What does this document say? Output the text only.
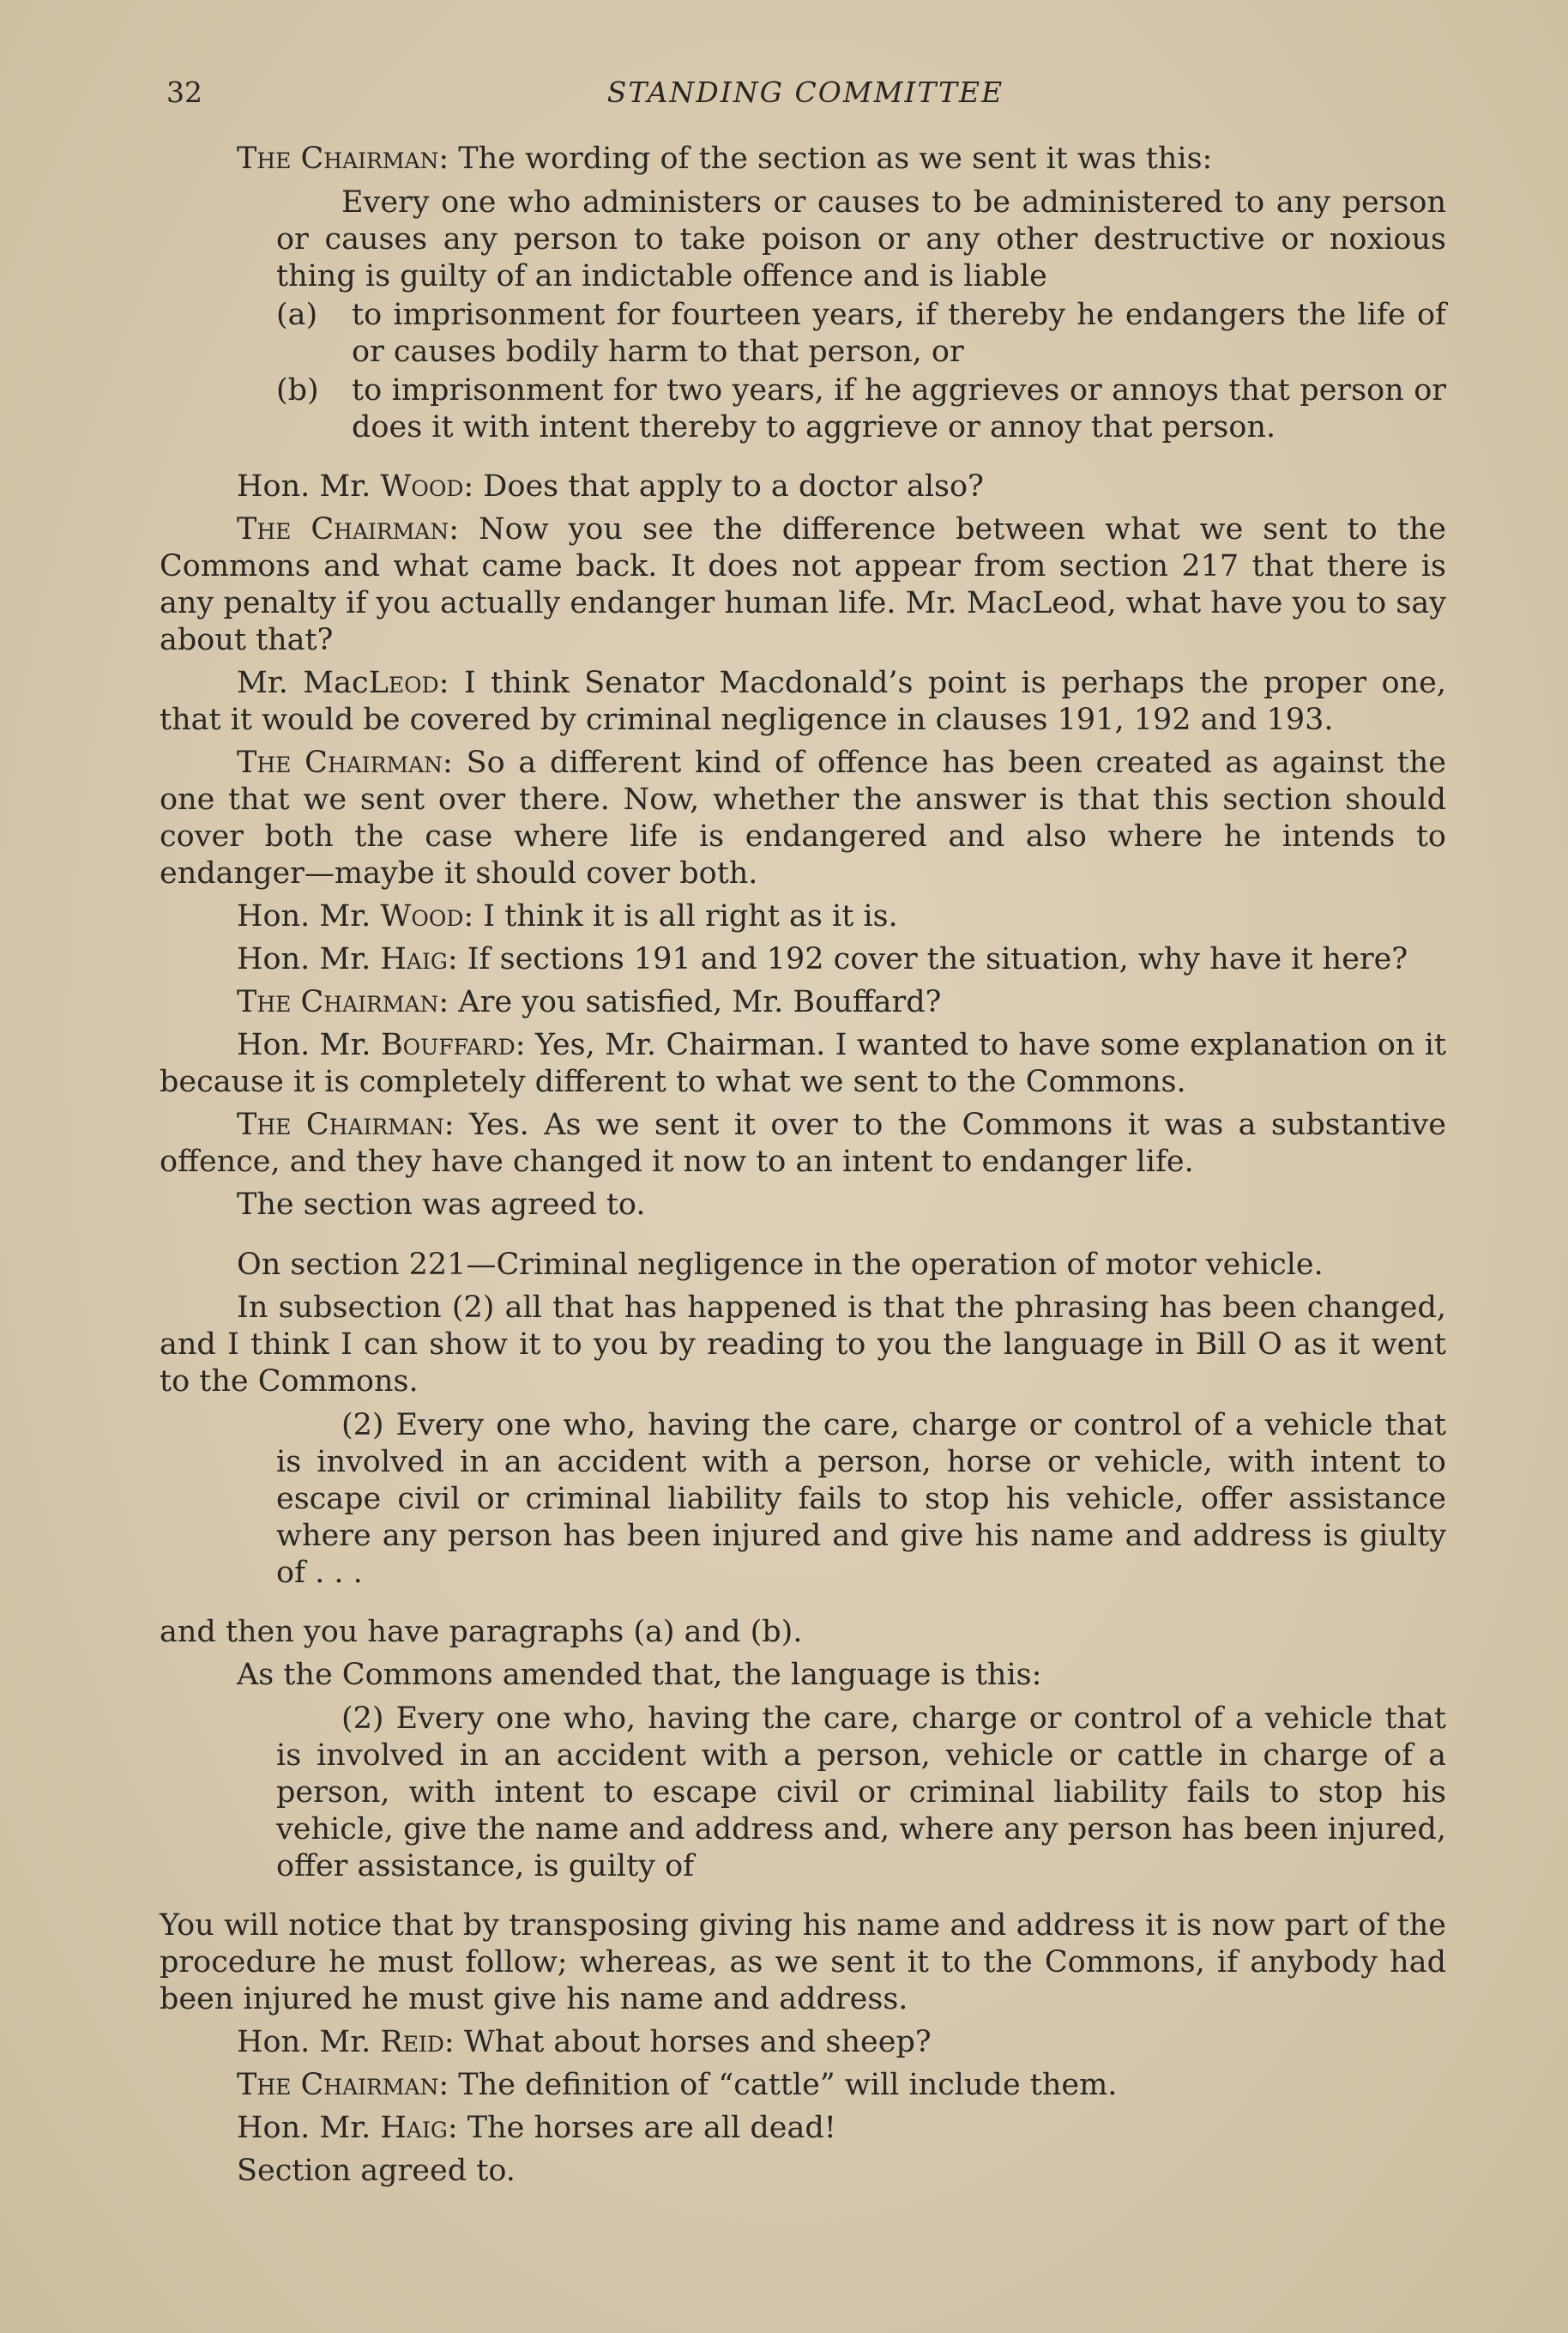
32	STANDING COMMITTEE

The Chairman: The wording of the section as we sent it was this:

Every one who administers or causes to be administered to any person or causes any person to take poison or any other destructive or noxious thing is guilty of an indictable offence and is liable

(a) to imprisonment for fourteen years, if thereby he endangers the life of or causes bodily harm to that person, or
(b) to imprisonment for two years, if he aggrieves or annoys that person or does it with intent thereby to aggrieve or annoy that person.

Hon. Mr. Wood: Does that apply to a doctor also?

The Chairman: Now you see the difference between what we sent to the Commons and what came back. It does not appear from section 217 that there is any penalty if you actually endanger human life. Mr. MacLeod, what have you to say about that?

Mr. MacLeod: I think Senator Macdonald’s point is perhaps the proper one, that it would be covered by criminal negligence in clauses 191, 192 and 193.

The Chairman: So a different kind of offence has been created as against the one that we sent over there. Now, whether the answer is that this section should cover both the case where life is endangered and also where he intends to endanger—maybe it should cover both.

Hon. Mr. Wood: I think it is all right as it is.

Hon. Mr. Haig: If sections 191 and 192 cover the situation, why have it here?

The Chairman: Are you satisfied, Mr. Bouffard?

Hon. Mr. Bouffard: Yes, Mr. Chairman. I wanted to have some explanation on it because it is completely different to what we sent to the Commons.

The Chairman: Yes. As we sent it over to the Commons it was a substantive offence, and they have changed it now to an intent to endanger life.

The section was agreed to.

On section 221—Criminal negligence in the operation of motor vehicle.

In subsection (2) all that has happened is that the phrasing has been changed, and I think I can show it to you by reading to you the language in Bill O as it went to the Commons.

(2) Every one who, having the care, charge or control of a vehicle that is involved in an accident with a person, horse or vehicle, with intent to escape civil or criminal liability fails to stop his vehicle, offer assistance where any person has been injured and give his name and address is giulty of . . .

and then you have paragraphs (a) and (b).

As the Commons amended that, the language is this:

(2) Every one who, having the care, charge or control of a vehicle that is involved in an accident with a person, vehicle or cattle in charge of a person, with intent to escape civil or criminal liability fails to stop his vehicle, give the name and address and, where any person has been injured, offer assistance, is guilty of

You will notice that by transposing giving his name and address it is now part of the procedure he must follow; whereas, as we sent it to the Commons, if anybody had been injured he must give his name and address.

Hon. Mr. Reid: What about horses and sheep?

The Chairman: The definition of “cattle” will include them.

Hon. Mr. Haig: The horses are all dead!

Section agreed to.
